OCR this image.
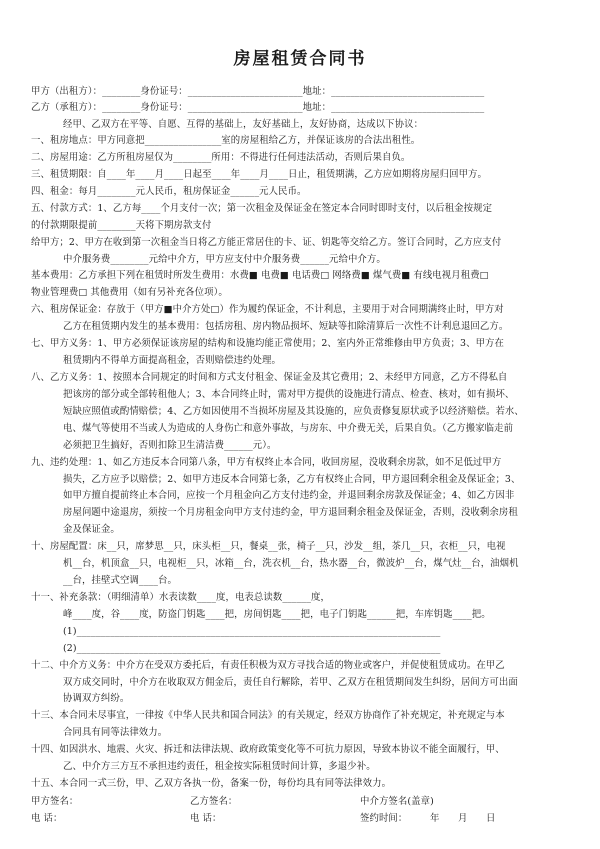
房屋租赁合同书
甲方（出租方）：________身份证号：________________________地址：________________________________
乙方（承租方）：________身份证号：________________________地址：________________________________
经甲、乙双方在平等、自愿、互得的基础上，友好基础上，友好协商，达成以下协议：
一、租房地点：甲方同意把________________室的房屋租给乙方，并保证该房的合法出租性。
二、房屋用途：乙方所租房屋仅为________所用：不得进行任何违法活动，否则后果自负。
三、租赁期限：自____年____月____日起至____年____月____日止，租赁期满，乙方应如期将房屋归回甲方。
四、租金：每月________元人民币，租房保证金______元人民币。
五、付款方式：1、乙方每____个月支付一次；第一次租金及保证金在签定本合同时即时支付，以后租金按规定
的付款期限提前________天将下期房款支付
给甲方；2、甲方在收到第一次租金当日将乙方能正常居住的卡、证、钥匙等交给乙方。签订合同时，乙方应支付
中介服务费________元给中介方，甲方应支付中介服务费______元给中介方。
基本费用：乙方承担下列在租赁时所发生费用：水费■ 电费■ 电话费□ 网络费■ 煤气费■ 有线电视月租费□
物业管理费□ 其他费用（如有另补充各位项）。
六、租房保证金：存放于（甲方■中介方处□）作为履约保证金，不计利息，主要用于对合同期满终止时，甲方对
乙方在租赁期内发生的基本费用：包括房租、房内物品损坏、短缺等扣除清算后一次性不计利息退回乙方。
七、甲方义务：1、甲方必须保证该房屋的结构和设施均能正常使用；2、室内外正常维修由甲方负责；3、甲方在
租赁期内不得单方面提高租金，否则赔偿违约处理。
八、乙方义务：1、按照本合同规定的时间和方式支付租金、保证金及其它费用；2、未经甲方同意，乙方不得私自
把该房的部分或全部转租他人；3、本合同终止时，需对甲方提供的设施进行清点、检查、核对，如有损坏、
短缺应照值或酌情赔偿；4、乙方如因使用不当损坏房屋及其设施的，应负责修复原状或予以经济赔偿。若水、
电、煤气等使用不当或人为造成的人身伤亡和意外事故，与房东、中介费无关，后果自负。（乙方搬家临走前
必须把卫生搞好，否则扣除卫生清洁费______元）。
九、违约处理：1、如乙方违反本合同第八条，甲方有权终止本合同，收回房屋，没收剩余房款，如不足低过甲方
损失，乙方应予以赔偿；2、如甲方违反本合同第七条，乙方有权终止合同，甲方退回剩余租金及保证金；3、
如甲方擅自提前终止本合同，应按一个月租金向乙方支付违约金，并退回剩余房款及保证金；4、如乙方因非
房屋问题中途退房，须按一个月房租金向甲方支付违约金，甲方退回剩余租金及保证金，否则，没收剩余房租
金及保证金。
十、房屋配置：床__只，席梦思__只，床头柜__只，餐桌__张，椅子__只，沙发__组，茶几__只，衣柜__只，电视
机__台，机顶盒__只，电视柜__只，冰箱__台，洗衣机__台，热水器__台，微波炉__台，煤气灶__台，油烟机
__台，挂壁式空调____台。
十一、补充条款：（明细清单）水表读数____度，电表总读数______度，
峰____度，谷____度，防盗门钥匙____把，房间钥匙____把，电子门钥匙______把，车库钥匙____把。
(1)____________________________________________________________________________
(2)____________________________________________________________________________
十二、中介方义务：中介方在受双方委托后，有责任积极为双方寻找合适的物业或客户，并促使租赁成功。在甲乙
双方成交同时，中介方在收取双方佣金后，责任自行解除，若甲、乙双方在租赁期间发生纠纷，居间方可出面
协调双方纠纷。
十三、本合同未尽事宜，一律按《中华人民共和国合同法》的有关规定，经双方协商作了补充规定，补充规定与本
合同具有同等法律效力。
十四、如因洪水、地震、火灾、拆迁和法律法规、政府政策变化等不可抗力原因，导致本协议不能全面履行，甲、
乙、中介方三方互不承担违约责任，租金按实际租赁时间计算，多退少补。
十五、本合同一式三份，甲、乙双方各执一份，备案一份，每份均具有同等法律效力。
甲方签名：	乙方签名：	中介方签名(盖章)
电 话：	电 话：	签约时间： 年 月 日
